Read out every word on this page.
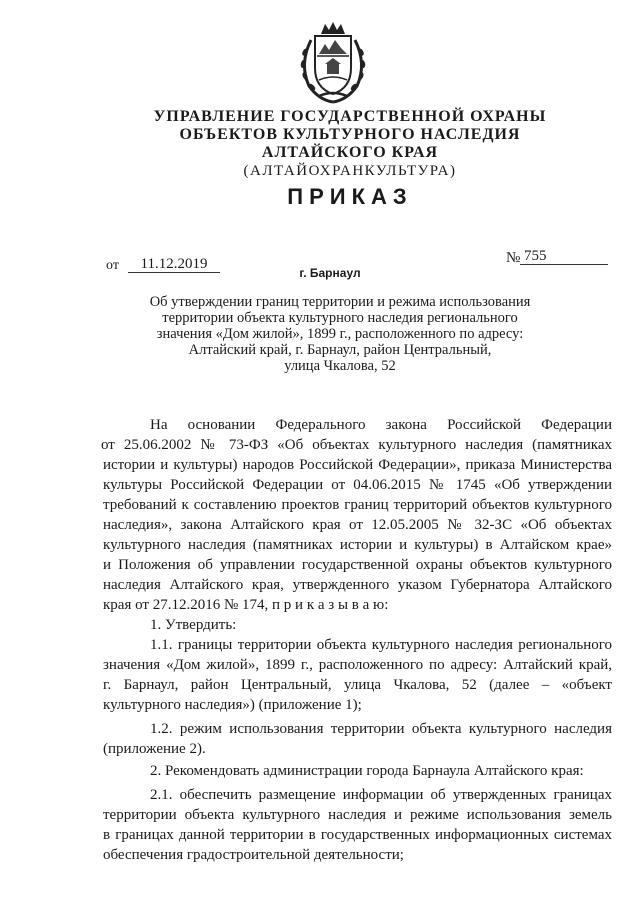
УПРАВЛЕНИЕ ГОСУДАРСТВЕННОЙ ОХРАНЫ
ОБЪЕКТОВ КУЛЬТУРНОГО НАСЛЕДИЯ
АЛТАЙСКОГО КРАЯ
(АЛТАЙОХРАНКУЛЬТУРА)
ПРИКАЗ
от	11.12.2019	№ 755
г. Барнаул
Об утверждении границ территории и режима использования
территории объекта культурного наследия регионального
значения «Дом жилой», 1899 г., расположенного по адресу:
Алтайский край, г. Барнаул, район Центральный,
улица Чкалова, 52
На основании Федерального закона Российской Федерации
от 25.06.2002 № 73-ФЗ «Об объектах культурного наследия (памятниках
истории и культуры) народов Российской Федерации», приказа Министерства
культуры Российской Федерации от 04.06.2015 № 1745 «Об утверждении
требований к составлению проектов границ территорий объектов культурного
наследия», закона Алтайского края от 12.05.2005 № 32-ЗС «Об объектах
культурного наследия (памятниках истории и культуры) в Алтайском крае»
и Положения об управлении государственной охраны объектов культурного
наследия Алтайского края, утвержденного указом Губернатора Алтайского
края от 27.12.2016 № 174, п р и к а з ы в а ю:
1. Утвердить:
1.1. границы территории объекта культурного наследия регионального
значения «Дом жилой», 1899 г., расположенного по адресу: Алтайский край,
г. Барнаул, район Центральный, улица Чкалова, 52 (далее – «объект
культурного наследия») (приложение 1);
1.2. режим использования территории объекта культурного наследия
(приложение 2).
2. Рекомендовать администрации города Барнаула Алтайского края:
2.1. обеспечить размещение информации об утвержденных границах
территории объекта культурного наследия и режиме использования земель
в границах данной территории в государственных информационных системах
обеспечения градостроительной деятельности;
